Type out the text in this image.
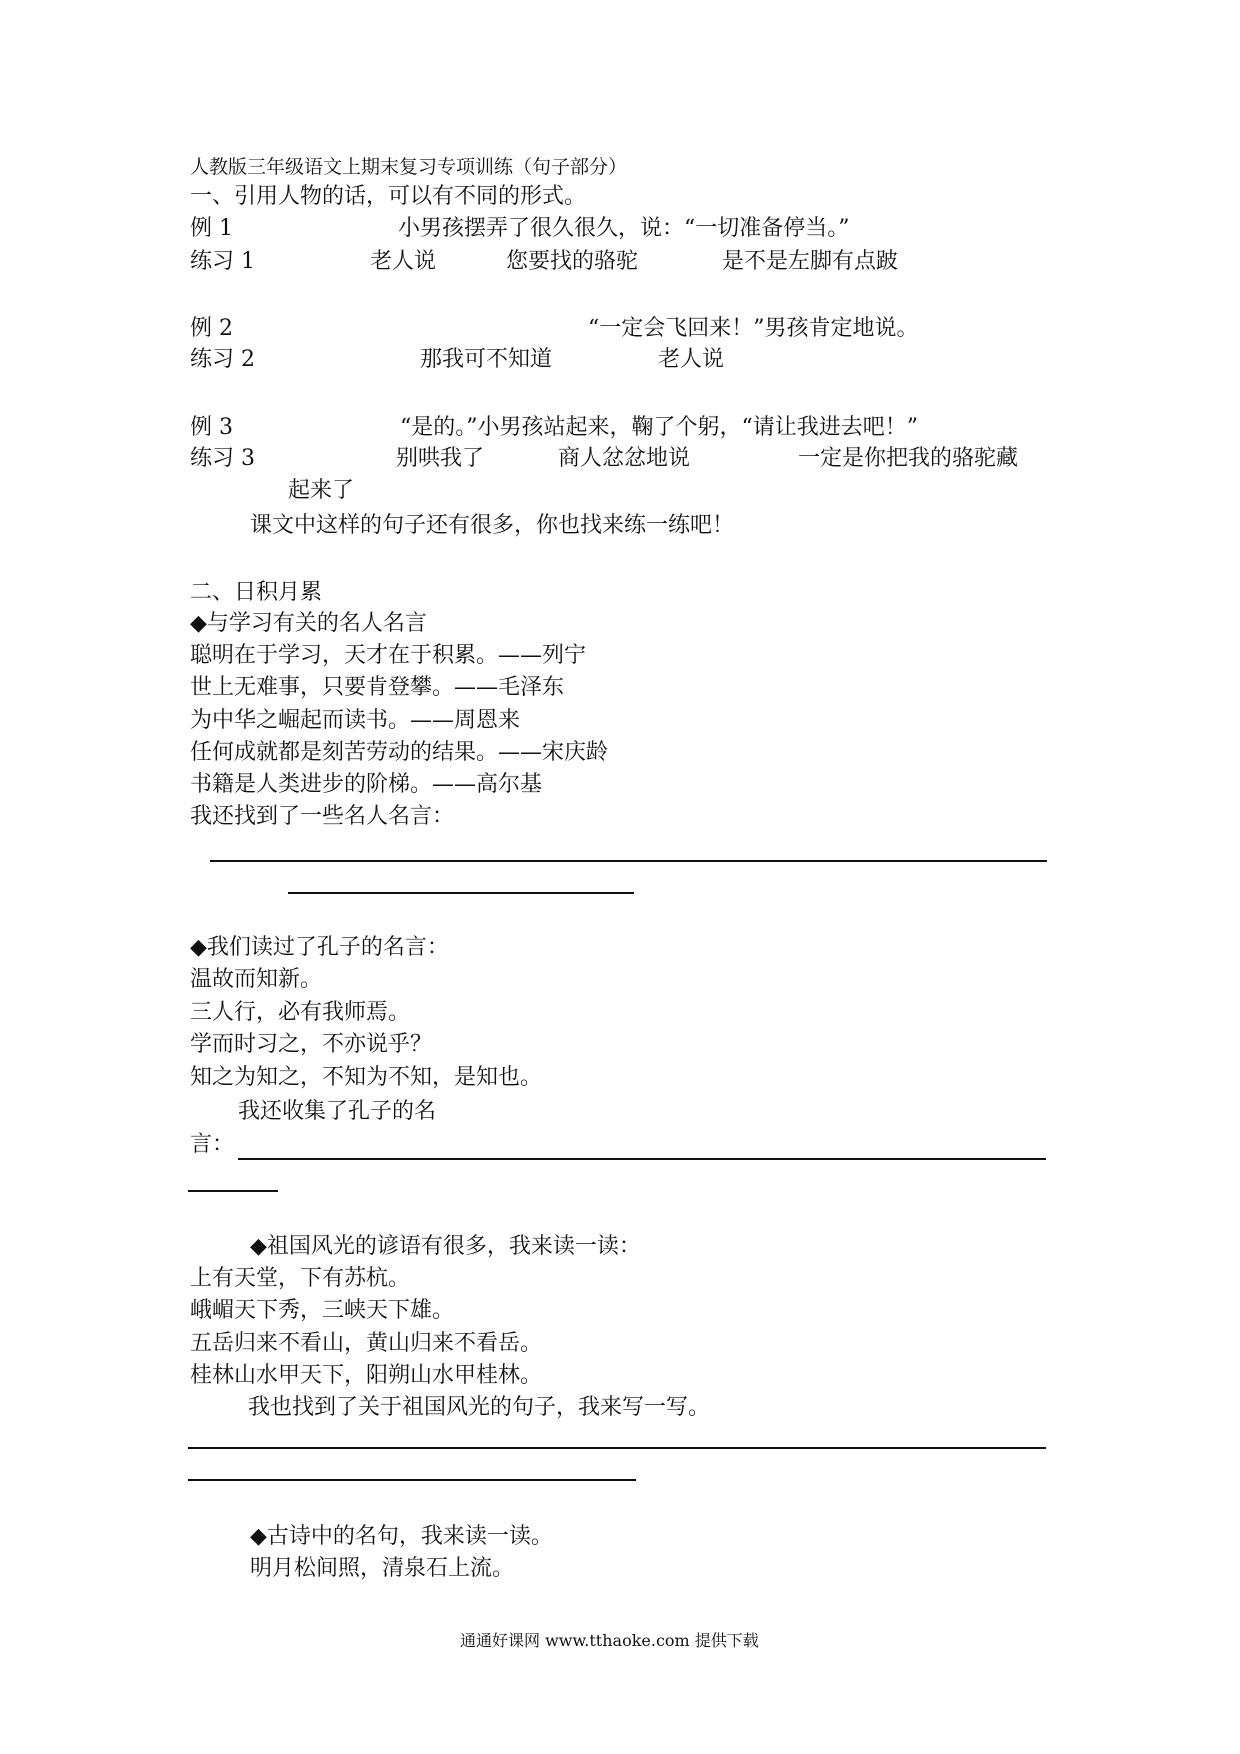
人教版三年级语文上期末复习专项训练（句子部分）
一、引用人物的话，可以有不同的形式。
例 1	小男孩摆弄了很久很久，说：“一切准备停当。”
练习 1	老人说	您要找的骆驼	是不是左脚有点跛
例 2	“一定会飞回来！”男孩肯定地说。
练习 2	那我可不知道	老人说
例 3	“是的。”小男孩站起来，鞠了个躬，“请让我进去吧！”
练习 3	别哄我了	商人忿忿地说	一定是你把我的骆驼藏
起来了
课文中这样的句子还有很多，你也找来练一练吧！
二、日积月累
◆与学习有关的名人名言
聪明在于学习，天才在于积累。——列宁
世上无难事，只要肯登攀。——毛泽东
为中华之崛起而读书。——周恩来
任何成就都是刻苦劳动的结果。——宋庆龄
书籍是人类进步的阶梯。——高尔基
我还找到了一些名人名言：
◆我们读过了孔子的名言：
温故而知新。
三人行，必有我师焉。
学而时习之，不亦说乎？
知之为知之，不知为不知，是知也。
我还收集了孔子的名
言：
◆祖国风光的谚语有很多，我来读一读：
上有天堂，下有苏杭。
峨嵋天下秀，三峡天下雄。
五岳归来不看山，黄山归来不看岳。
桂林山水甲天下，阳朔山水甲桂林。
我也找到了关于祖国风光的句子，我来写一写。
◆古诗中的名句，我来读一读。
明月松间照，清泉石上流。
通通好课网 www.tthaoke.com 提供下载
